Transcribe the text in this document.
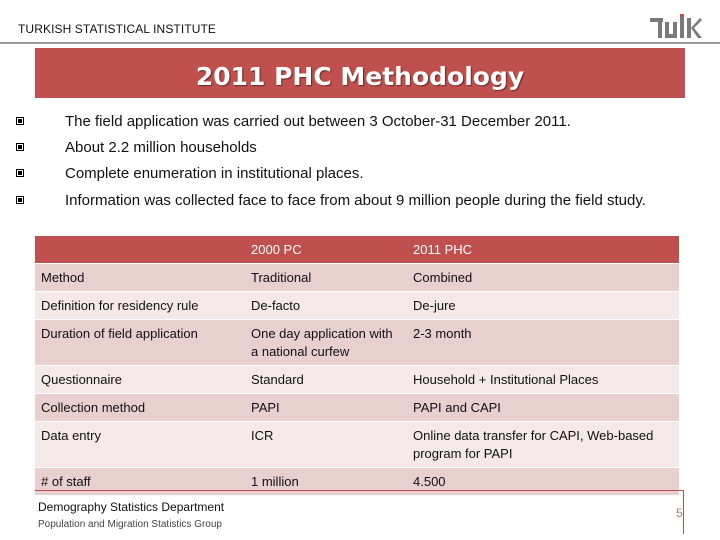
TURKISH STATISTICAL INSTITUTE
2011 PHC Methodology
The field application was carried out between 3 October-31 December 2011.
About 2.2 million households
Complete enumeration in institutional places.
Information was collected face to face from about 9 million people during the field study.
	2000 PC	2011 PHC
Method	Traditional	Combined
Definition for residency rule	De-facto	De-jure
Duration of field application	One day application with a national curfew	2-3 month
Questionnaire	Standard	Household + Institutional Places
Collection method	PAPI	PAPI and CAPI
Data entry	ICR	Online data transfer for CAPI, Web-based program for PAPI
# of staff	1 million	4.500
Demography Statistics Department
Population and Migration Statistics Group
5
